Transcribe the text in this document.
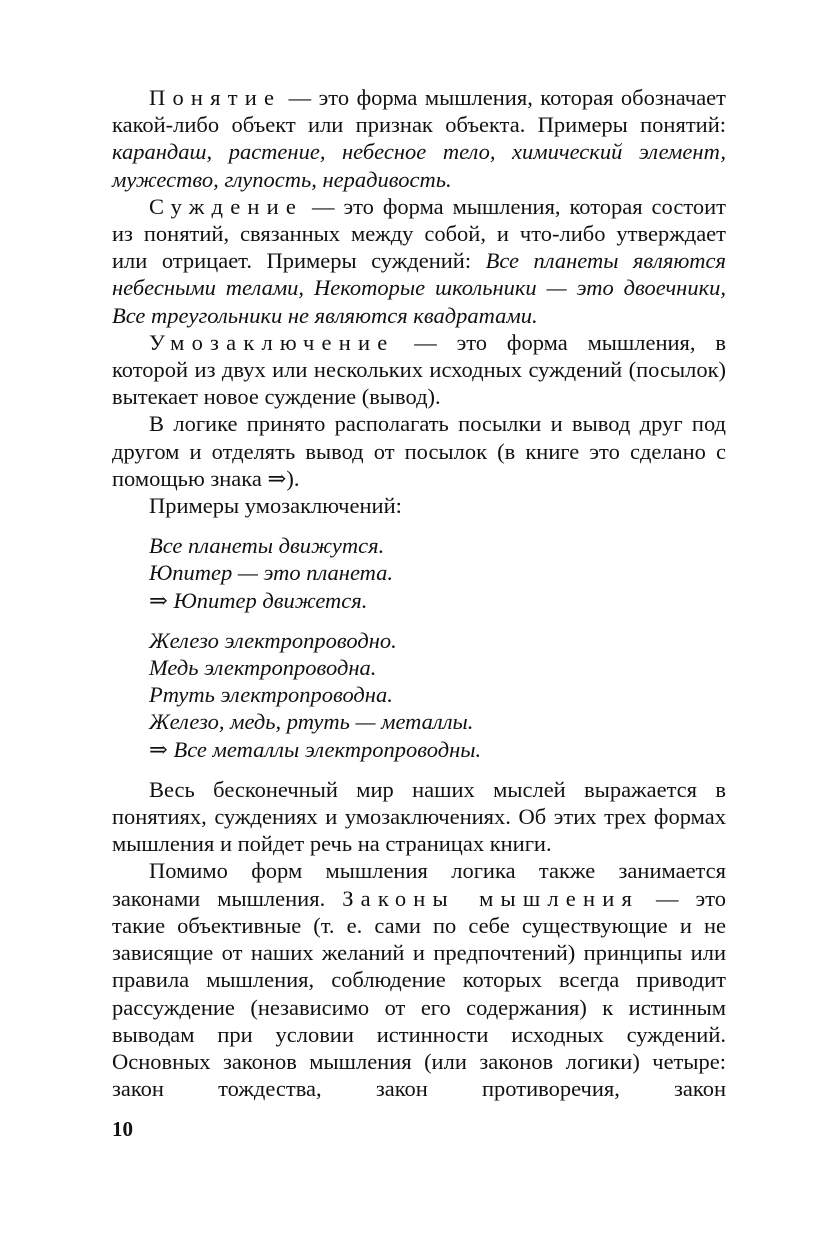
Понятие — это форма мышления, которая обозначает какой-либо объект или признак объекта. Примеры понятий: карандаш, растение, небесное тело, химический элемент, мужество, глупость, нерадивость.

Суждение — это форма мышления, которая состоит из понятий, связанных между собой, и что-либо утверждает или отрицает. Примеры суждений: Все планеты являются небесными телами, Некоторые школьники — это двоечники, Все треугольники не являются квадратами.

Умозаключение — это форма мышления, в которой из двух или нескольких исходных суждений (посылок) вытекает новое суждение (вывод).

В логике принято располагать посылки и вывод друг под другом и отделять вывод от посылок (в книге это сделано с помощью знака ⇒).

Примеры умозаключений:

Все планеты движутся.

Юпитер — это планета.

⇒ Юпитер движется.

Железо электропроводно.

Медь электропроводна.

Ртуть электропроводна.

Железо, медь, ртуть — металлы.

⇒ Все металлы электропроводны.

Весь бесконечный мир наших мыслей выражается в понятиях, суждениях и умозаключениях. Об этих трех формах мышления и пойдет речь на страницах книги.

Помимо форм мышления логика также занимается законами мышления. Законы мышления — это такие объективные (т. е. сами по себе существующие и не зависящие от наших желаний и предпочтений) принципы или правила мышления, соблюдение которых всегда приводит рассуждение (независимо от его содержания) к истинным выводам при условии истинности исходных суждений. Основных законов мышления (или законов логики) четыре: закон тождества, закон противоречия, закон

10
